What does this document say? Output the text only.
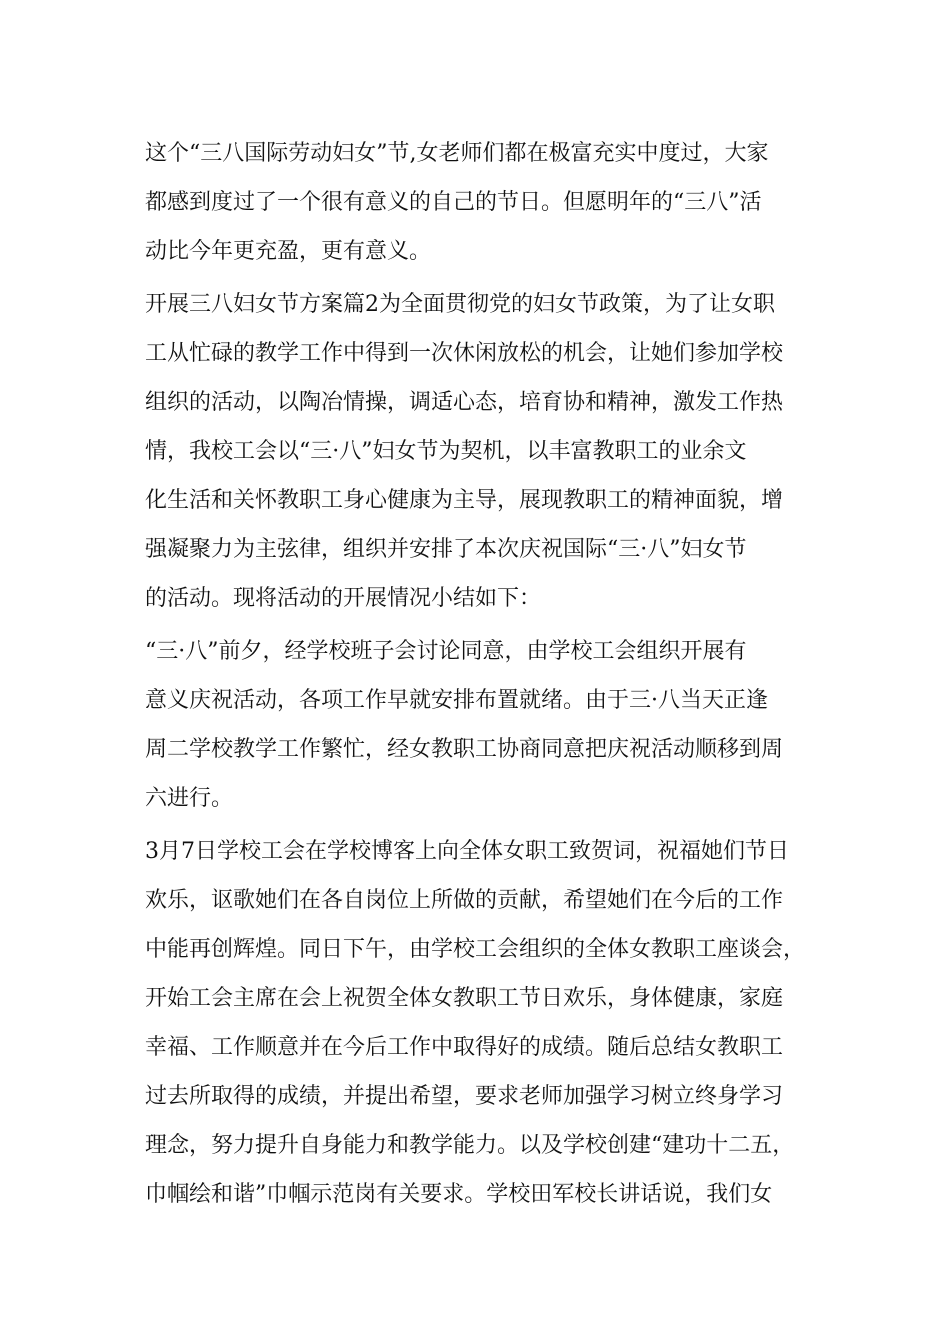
这个“三八国际劳动妇女”节,女老师们都在极富充实中度过，大家
都感到度过了一个很有意义的自己的节日。但愿明年的“三八”活
动比今年更充盈，更有意义。
开展三八妇女节方案篇2为全面贯彻党的妇女节政策，为了让女职
工从忙碌的教学工作中得到一次休闲放松的机会，让她们参加学校
组织的活动，以陶冶情操，调适心态，培育协和精神，激发工作热
情，我校工会以“三·八”妇女节为契机，以丰富教职工的业余文
化生活和关怀教职工身心健康为主导，展现教职工的精神面貌，增
强凝聚力为主弦律，组织并安排了本次庆祝国际“三·八”妇女节
的活动。现将活动的开展情况小结如下：
“三·八”前夕，经学校班子会讨论同意，由学校工会组织开展有
意义庆祝活动，各项工作早就安排布置就绪。由于三·八当天正逢
周二学校教学工作繁忙，经女教职工协商同意把庆祝活动顺移到周
六进行。
3月7日学校工会在学校博客上向全体女职工致贺词，祝福她们节日
欢乐，讴歌她们在各自岗位上所做的贡献，希望她们在今后的工作
中能再创辉煌。同日下午，由学校工会组织的全体女教职工座谈会，
开始工会主席在会上祝贺全体女教职工节日欢乐，身体健康，家庭
幸福、工作顺意并在今后工作中取得好的成绩。随后总结女教职工
过去所取得的成绩，并提出希望，要求老师加强学习树立终身学习
理念，努力提升自身能力和教学能力。以及学校创建“建功十二五，
巾帼绘和谐”巾帼示范岗有关要求。学校田军校长讲话说，我们女
